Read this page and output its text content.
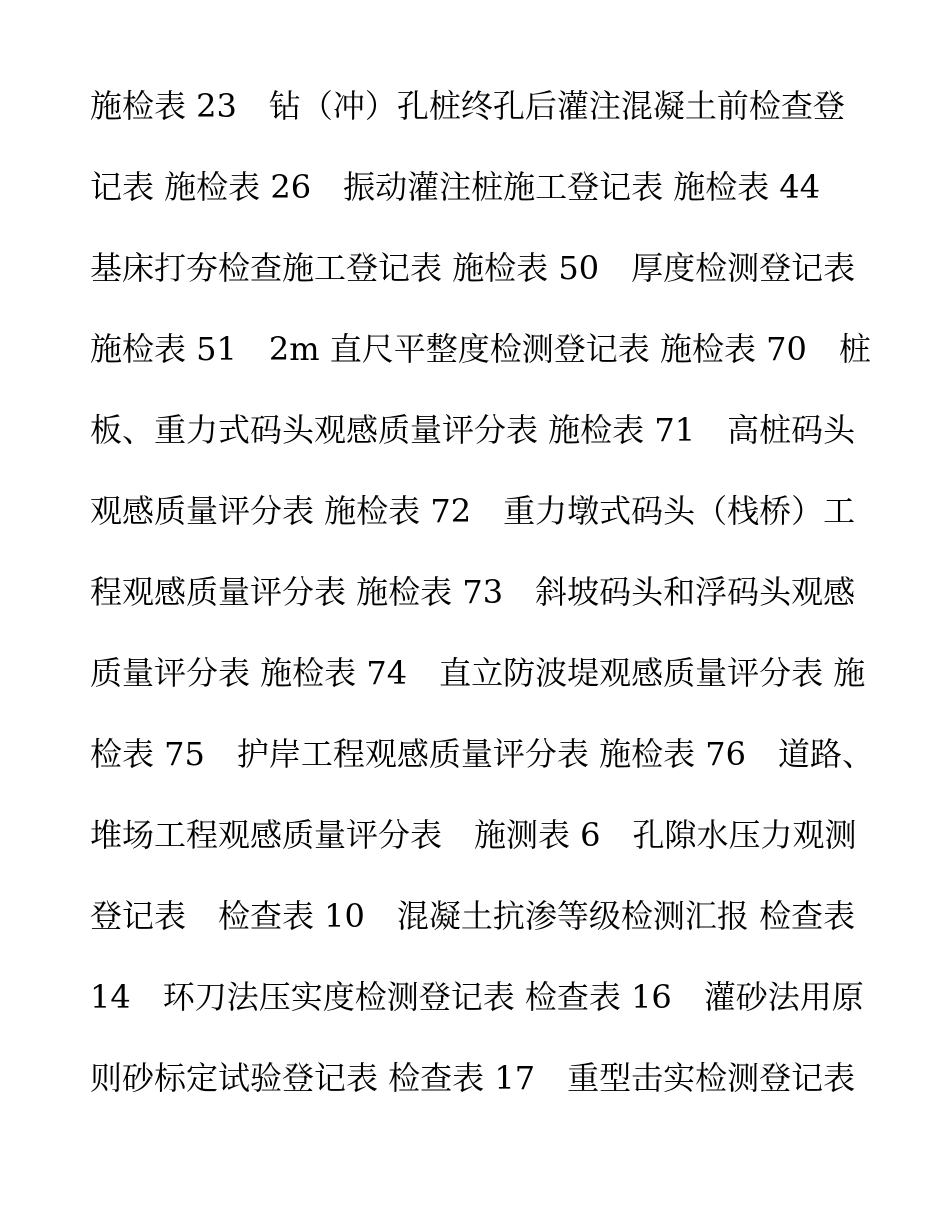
施检表 23　钻（冲）孔桩终孔后灌注混凝土前检查登
记表 施检表 26　振动灌注桩施工登记表 施检表 44
基床打夯检查施工登记表 施检表 50　厚度检测登记表
施检表 51　2m 直尺平整度检测登记表 施检表 70　桩
板、重力式码头观感质量评分表 施检表 71　高桩码头
观感质量评分表 施检表 72　重力墩式码头（栈桥）工
程观感质量评分表 施检表 73　斜坡码头和浮码头观感
质量评分表 施检表 74　直立防波堤观感质量评分表 施
检表 75　护岸工程观感质量评分表 施检表 76　道路、
堆场工程观感质量评分表　施测表 6　孔隙水压力观测
登记表　检查表 10　混凝土抗渗等级检测汇报 检查表
14　环刀法压实度检测登记表 检查表 16　灌砂法用原
则砂标定试验登记表 检查表 17　重型击实检测登记表
